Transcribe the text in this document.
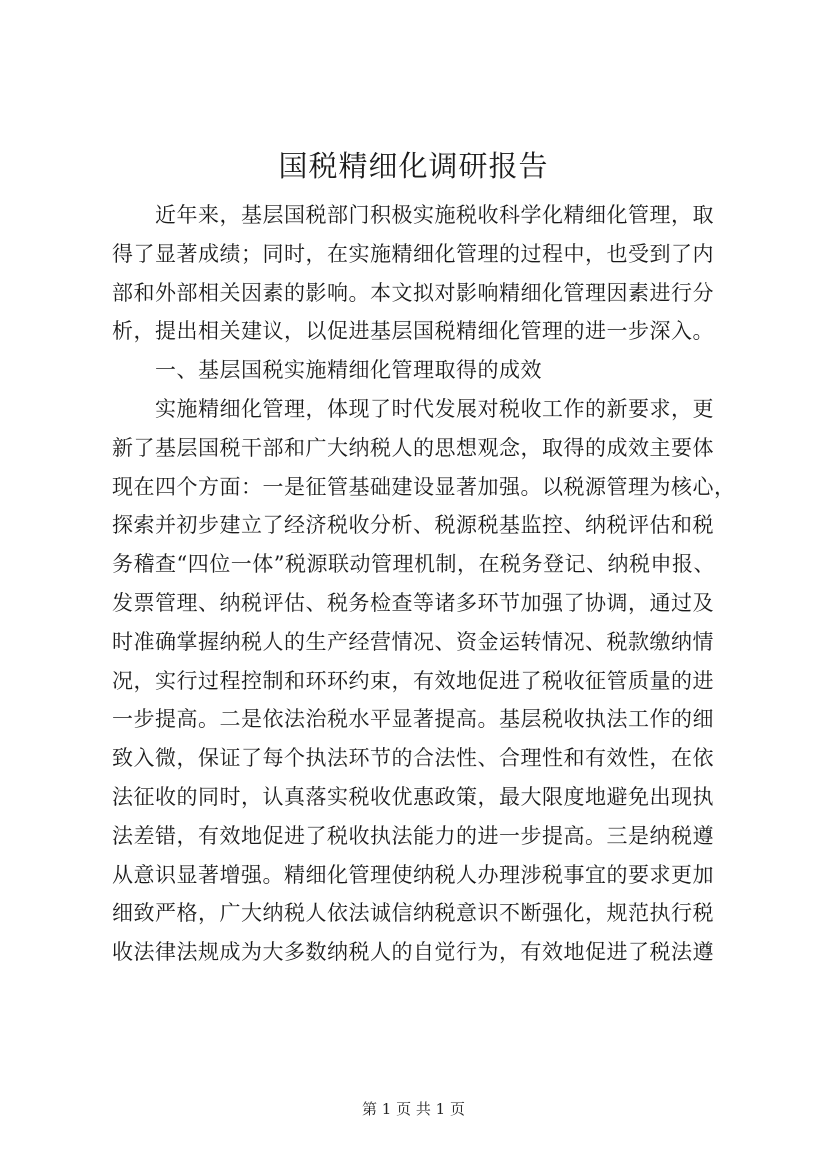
国税精细化调研报告
　　近年来，基层国税部门积极实施税收科学化精细化管理，取
得了显著成绩；同时，在实施精细化管理的过程中，也受到了内
部和外部相关因素的影响。本文拟对影响精细化管理因素进行分
析，提出相关建议，以促进基层国税精细化管理的进一步深入。
　　一、基层国税实施精细化管理取得的成效
　　实施精细化管理，体现了时代发展对税收工作的新要求，更
新了基层国税干部和广大纳税人的思想观念，取得的成效主要体
现在四个方面：一是征管基础建设显著加强。以税源管理为核心，
探索并初步建立了经济税收分析、税源税基监控、纳税评估和税
务稽查“四位一体”税源联动管理机制，在税务登记、纳税申报、
发票管理、纳税评估、税务检查等诸多环节加强了协调，通过及
时准确掌握纳税人的生产经营情况、资金运转情况、税款缴纳情
况，实行过程控制和环环约束，有效地促进了税收征管质量的进
一步提高。二是依法治税水平显著提高。基层税收执法工作的细
致入微，保证了每个执法环节的合法性、合理性和有效性，在依
法征收的同时，认真落实税收优惠政策，最大限度地避免出现执
法差错，有效地促进了税收执法能力的进一步提高。三是纳税遵
从意识显著增强。精细化管理使纳税人办理涉税事宜的要求更加
细致严格，广大纳税人依法诚信纳税意识不断强化，规范执行税
收法律法规成为大多数纳税人的自觉行为，有效地促进了税法遵
第 1 页 共 1 页
